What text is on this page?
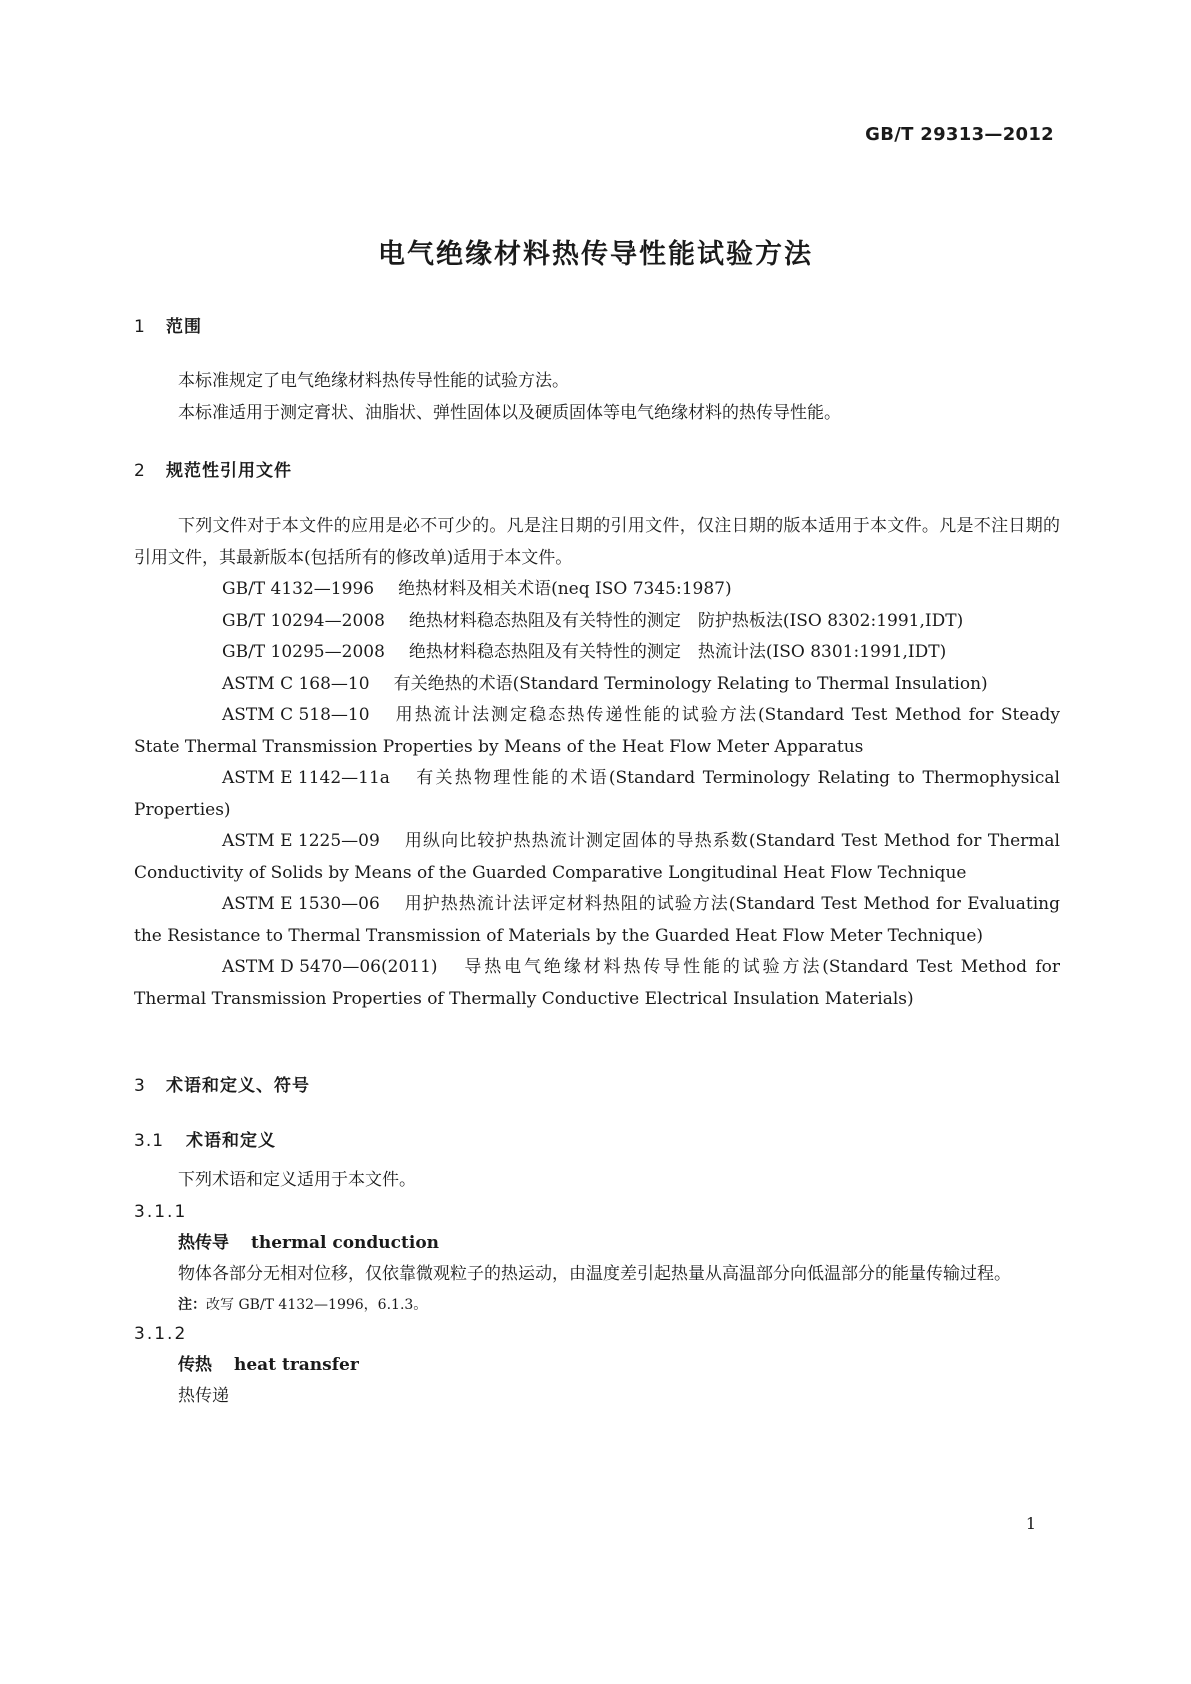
GB/T 29313—2012
电气绝缘材料热传导性能试验方法
1 范围

本标准规定了电气绝缘材料热传导性能的试验方法。

本标准适用于测定膏状、油脂状、弹性固体以及硬质固体等电气绝缘材料的热传导性能。

2 规范性引用文件

下列文件对于本文件的应用是必不可少的。凡是注日期的引用文件，仅注日期的版本适用于本文件。凡是不注日期的引用文件，其最新版本(包括所有的修改单)适用于本文件。

GB/T 4132—1996 绝热材料及相关术语(neq ISO 7345:1987)

GB/T 10294—2008 绝热材料稳态热阻及有关特性的测定　防护热板法(ISO 8302:1991,IDT)

GB/T 10295—2008 绝热材料稳态热阻及有关特性的测定　热流计法(ISO 8301:1991,IDT)

ASTM C 168—10 有关绝热的术语(Standard Terminology Relating to Thermal Insulation)

ASTM C 518—10 用热流计法测定稳态热传递性能的试验方法(Standard Test Method for Steady State Thermal Transmission Properties by Means of the Heat Flow Meter Apparatus

ASTM E 1142—11a 有关热物理性能的术语(Standard Terminology Relating to Thermophysical Properties)

ASTM E 1225—09 用纵向比较护热热流计测定固体的导热系数(Standard Test Method for Thermal Conductivity of Solids by Means of the Guarded Comparative Longitudinal Heat Flow Technique

ASTM E 1530—06 用护热热流计法评定材料热阻的试验方法(Standard Test Method for Evaluating the Resistance to Thermal Transmission of Materials by the Guarded Heat Flow Meter Technique)

ASTM D 5470—06(2011) 导热电气绝缘材料热传导性能的试验方法(Standard Test Method for Thermal Transmission Properties of Thermally Conductive Electrical Insulation Materials)

3 术语和定义、符号
3.1 术语和定义

下列术语和定义适用于本文件。

3.1.1

热传导 thermal conduction

物体各部分无相对位移，仅依靠微观粒子的热运动，由温度差引起热量从高温部分向低温部分的能量传输过程。

注：改写 GB/T 4132—1996，6.1.3。

3.1.2

传热 heat transfer

热传递

1
